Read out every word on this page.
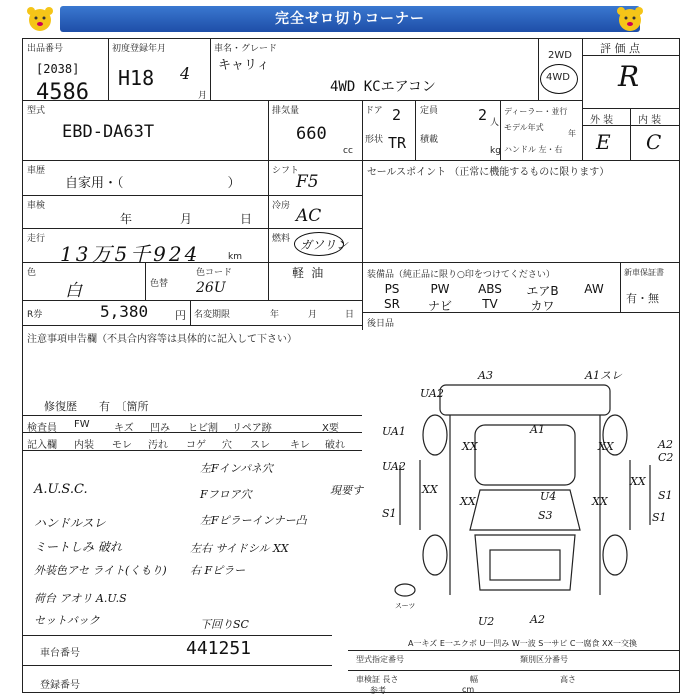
完全ゼロ切りコーナー
出品番号
[2038]
4586
初度登録年月
H18 4
月
車名・グレード
キャリィ
4WD KCエアコン
2WD
4WD
評 価 点
R
外 装 内 装
E C
型式
EBD-DA63T
排気量
660
cc
ドア 2 定員	2 人
形状 TR 積載
kg
ディーラー・並行
モデル年式
年
ハンドル 左・右
車歴
自家用・（　　　　　　　　）
シフト
F5
車検
年	月	日
冷房 AC
走行
13万5千924	km
燃料 ガソリン
軽 油
色
白	色替
色コード
26U
R券	5,380 円 名変期限	年	月	日
セールスポイント （正常に機能するものに限ります）
装備品（純正品に限り○印をつけてください）
PS	PW	ABS	エアB	AW
SR	ナビ	TV	カワ
新車保証書
有・無
後日品
注意事項申告欄（不具合内容等は具体的に記入して下さい）
修復歴　　有　〔箇所
検査員
記入欄
FW キズ 凹み ヒビ割 リペア跡	X要
内装 モレ 汚れ コゲ 穴 スレ キレ 破れ
A.U.S.C.
ハンドルスレ
ミートしみ 破れ
外装色アセ ライト(くもり)
荷台 アオリ A.U.S
セットバック
左Fインパネ穴
Fフロア穴
左Fピラーインナー凸
左右 サイドシル XX
右 Fピラー
下回りSC
現要す
車台番号	441251
登録番号
A一キズ E一エクボ U一凹み W一波 S一サビ C一腐食 XX一交換
型式指定番号	類別区分番号
車検証 長さ	幅	高さ
参考	cm
A3	A1スレ
UA2
UA1	A1
A2
C2
XX	XX
UA2
XX
XX
S1
U4	XX
S3
XX
S1
S1
U2	A2
スーツ
